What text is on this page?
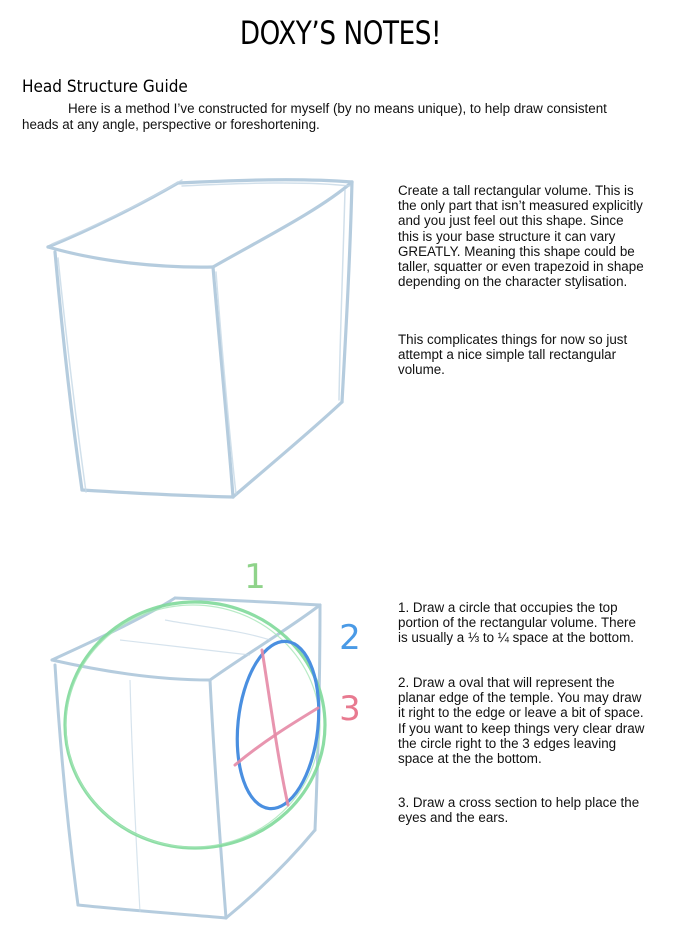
DOXY’S NOTES!
Head Structure Guide

Here is a method I’ve constructed for myself (by no means unique), to help draw consistent heads at any angle, perspective or foreshortening.

1
2
3

Create a tall rectangular volume. This is the only part that isn’t measured explicitly and you just feel out this shape. Since this is your base structure it can vary GREATLY. Meaning this shape could be taller, squatter or even trapezoid in shape depending on the character stylisation.

This complicates things for now so just attempt a nice simple tall rectangular volume.

1. Draw a circle that occupies the top portion of the rectangular volume. There is usually a ⅓ to ¼ space at the bottom.

2. Draw a oval that will represent the planar edge of the temple. You may draw it right to the edge or leave a bit of space. If you want to keep things very clear draw the circle right to the 3 edges leaving space at the the bottom.

3. Draw a cross section to help place the eyes and the ears.
